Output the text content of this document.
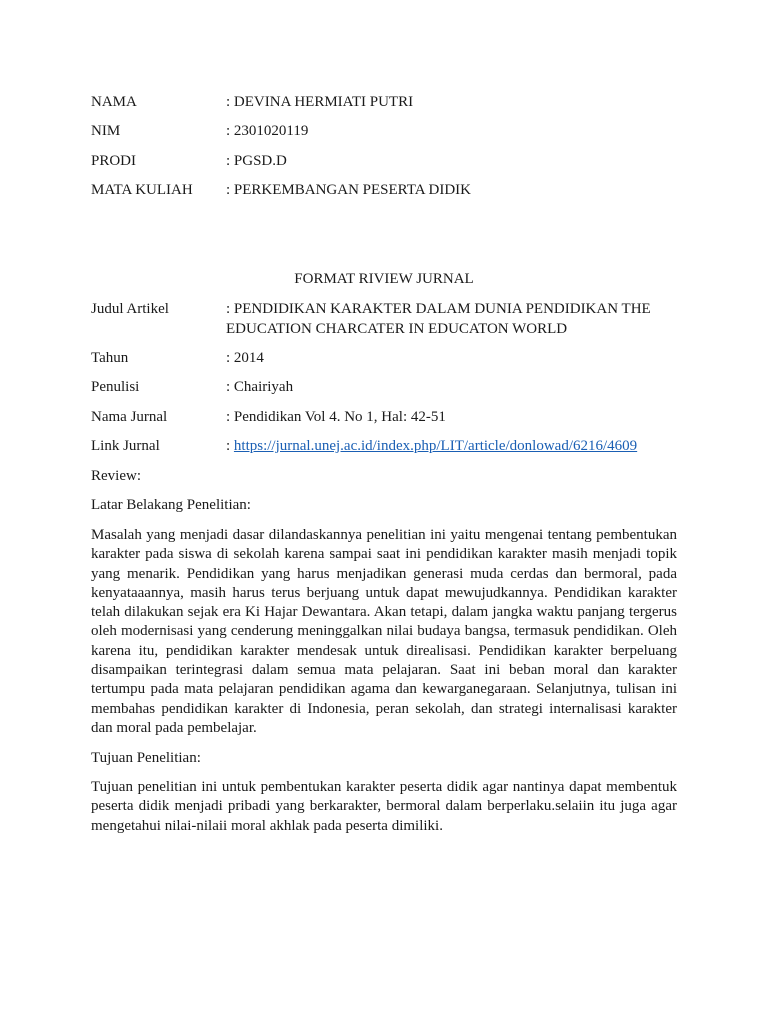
NAMA	: DEVINA HERMIATI PUTRI
NIM	: 2301020119
PRODI	: PGSD.D
MATA KULIAH : PERKEMBANGAN PESERTA DIDIK
FORMAT RIVIEW JURNAL
Judul Artikel	: PENDIDIKAN KARAKTER DALAM DUNIA PENDIDIKAN THE EDUCATION CHARCATER IN EDUCATON WORLD
Tahun	: 2014
Penulisi	: Chairiyah
Nama Jurnal	: Pendidikan Vol 4. No 1, Hal: 42-51
Link Jurnal	: https://jurnal.unej.ac.id/index.php/LIT/article/donlowad/6216/4609
Review:
Latar Belakang Penelitian:
Masalah yang menjadi dasar dilandaskannya penelitian ini yaitu mengenai tentang pembentukan karakter pada siswa di sekolah karena sampai saat ini pendidikan karakter masih menjadi topik yang menarik. Pendidikan yang harus menjadikan generasi muda cerdas dan bermoral, pada kenyataaannya, masih harus terus berjuang untuk dapat mewujudkannya. Pendidikan karakter telah dilakukan sejak era Ki Hajar Dewantara. Akan tetapi, dalam jangka waktu panjang tergerus oleh modernisasi yang cenderung meninggalkan nilai budaya bangsa, termasuk pendidikan. Oleh karena itu, pendidikan karakter mendesak untuk direalisasi. Pendidikan karakter berpeluang disampaikan terintegrasi dalam semua mata pelajaran. Saat ini beban moral dan karakter tertumpu pada mata pelajaran pendidikan agama dan kewarganegaraan. Selanjutnya, tulisan ini membahas pendidikan karakter di Indonesia, peran sekolah, dan strategi internalisasi karakter dan moral pada pembelajar.
Tujuan Penelitian:
Tujuan penelitian ini untuk pembentukan karakter peserta didik agar nantinya dapat membentuk peserta didik menjadi pribadi yang berkarakter, bermoral dalam berperlaku.selaiin itu juga agar mengetahui nilai-nilaii moral akhlak pada peserta dimiliki.
